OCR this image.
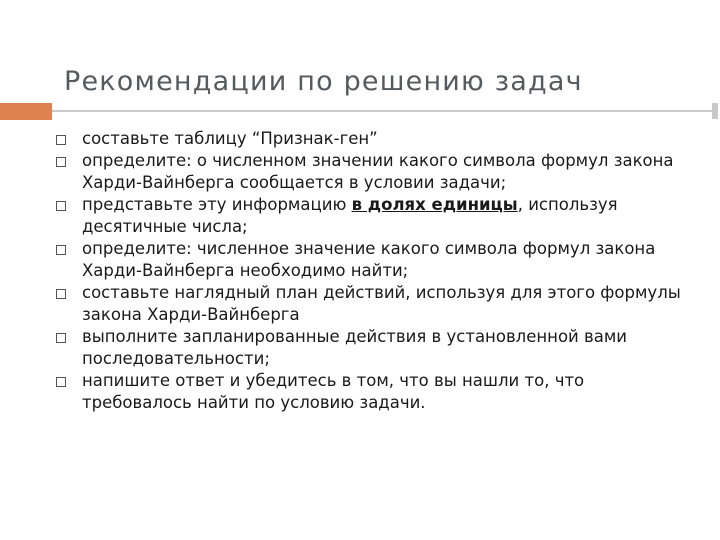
Рекомендации по решению задач
составьте таблицу “Признак-ген”
определите: о численном значении какого символа формул закона Харди-Вайнберга сообщается в условии задачи;
представьте эту информацию в долях единицы, используя десятичные числа;
определите: численное значение какого символа формул закона Харди-Вайнберга необходимо найти;
составьте наглядный план действий, используя для этого формулы закона Харди-Вайнберга
выполните запланированные действия в установленной вами последовательности;
напишите ответ и убедитесь в том, что вы нашли то, что требовалось найти по условию задачи.
